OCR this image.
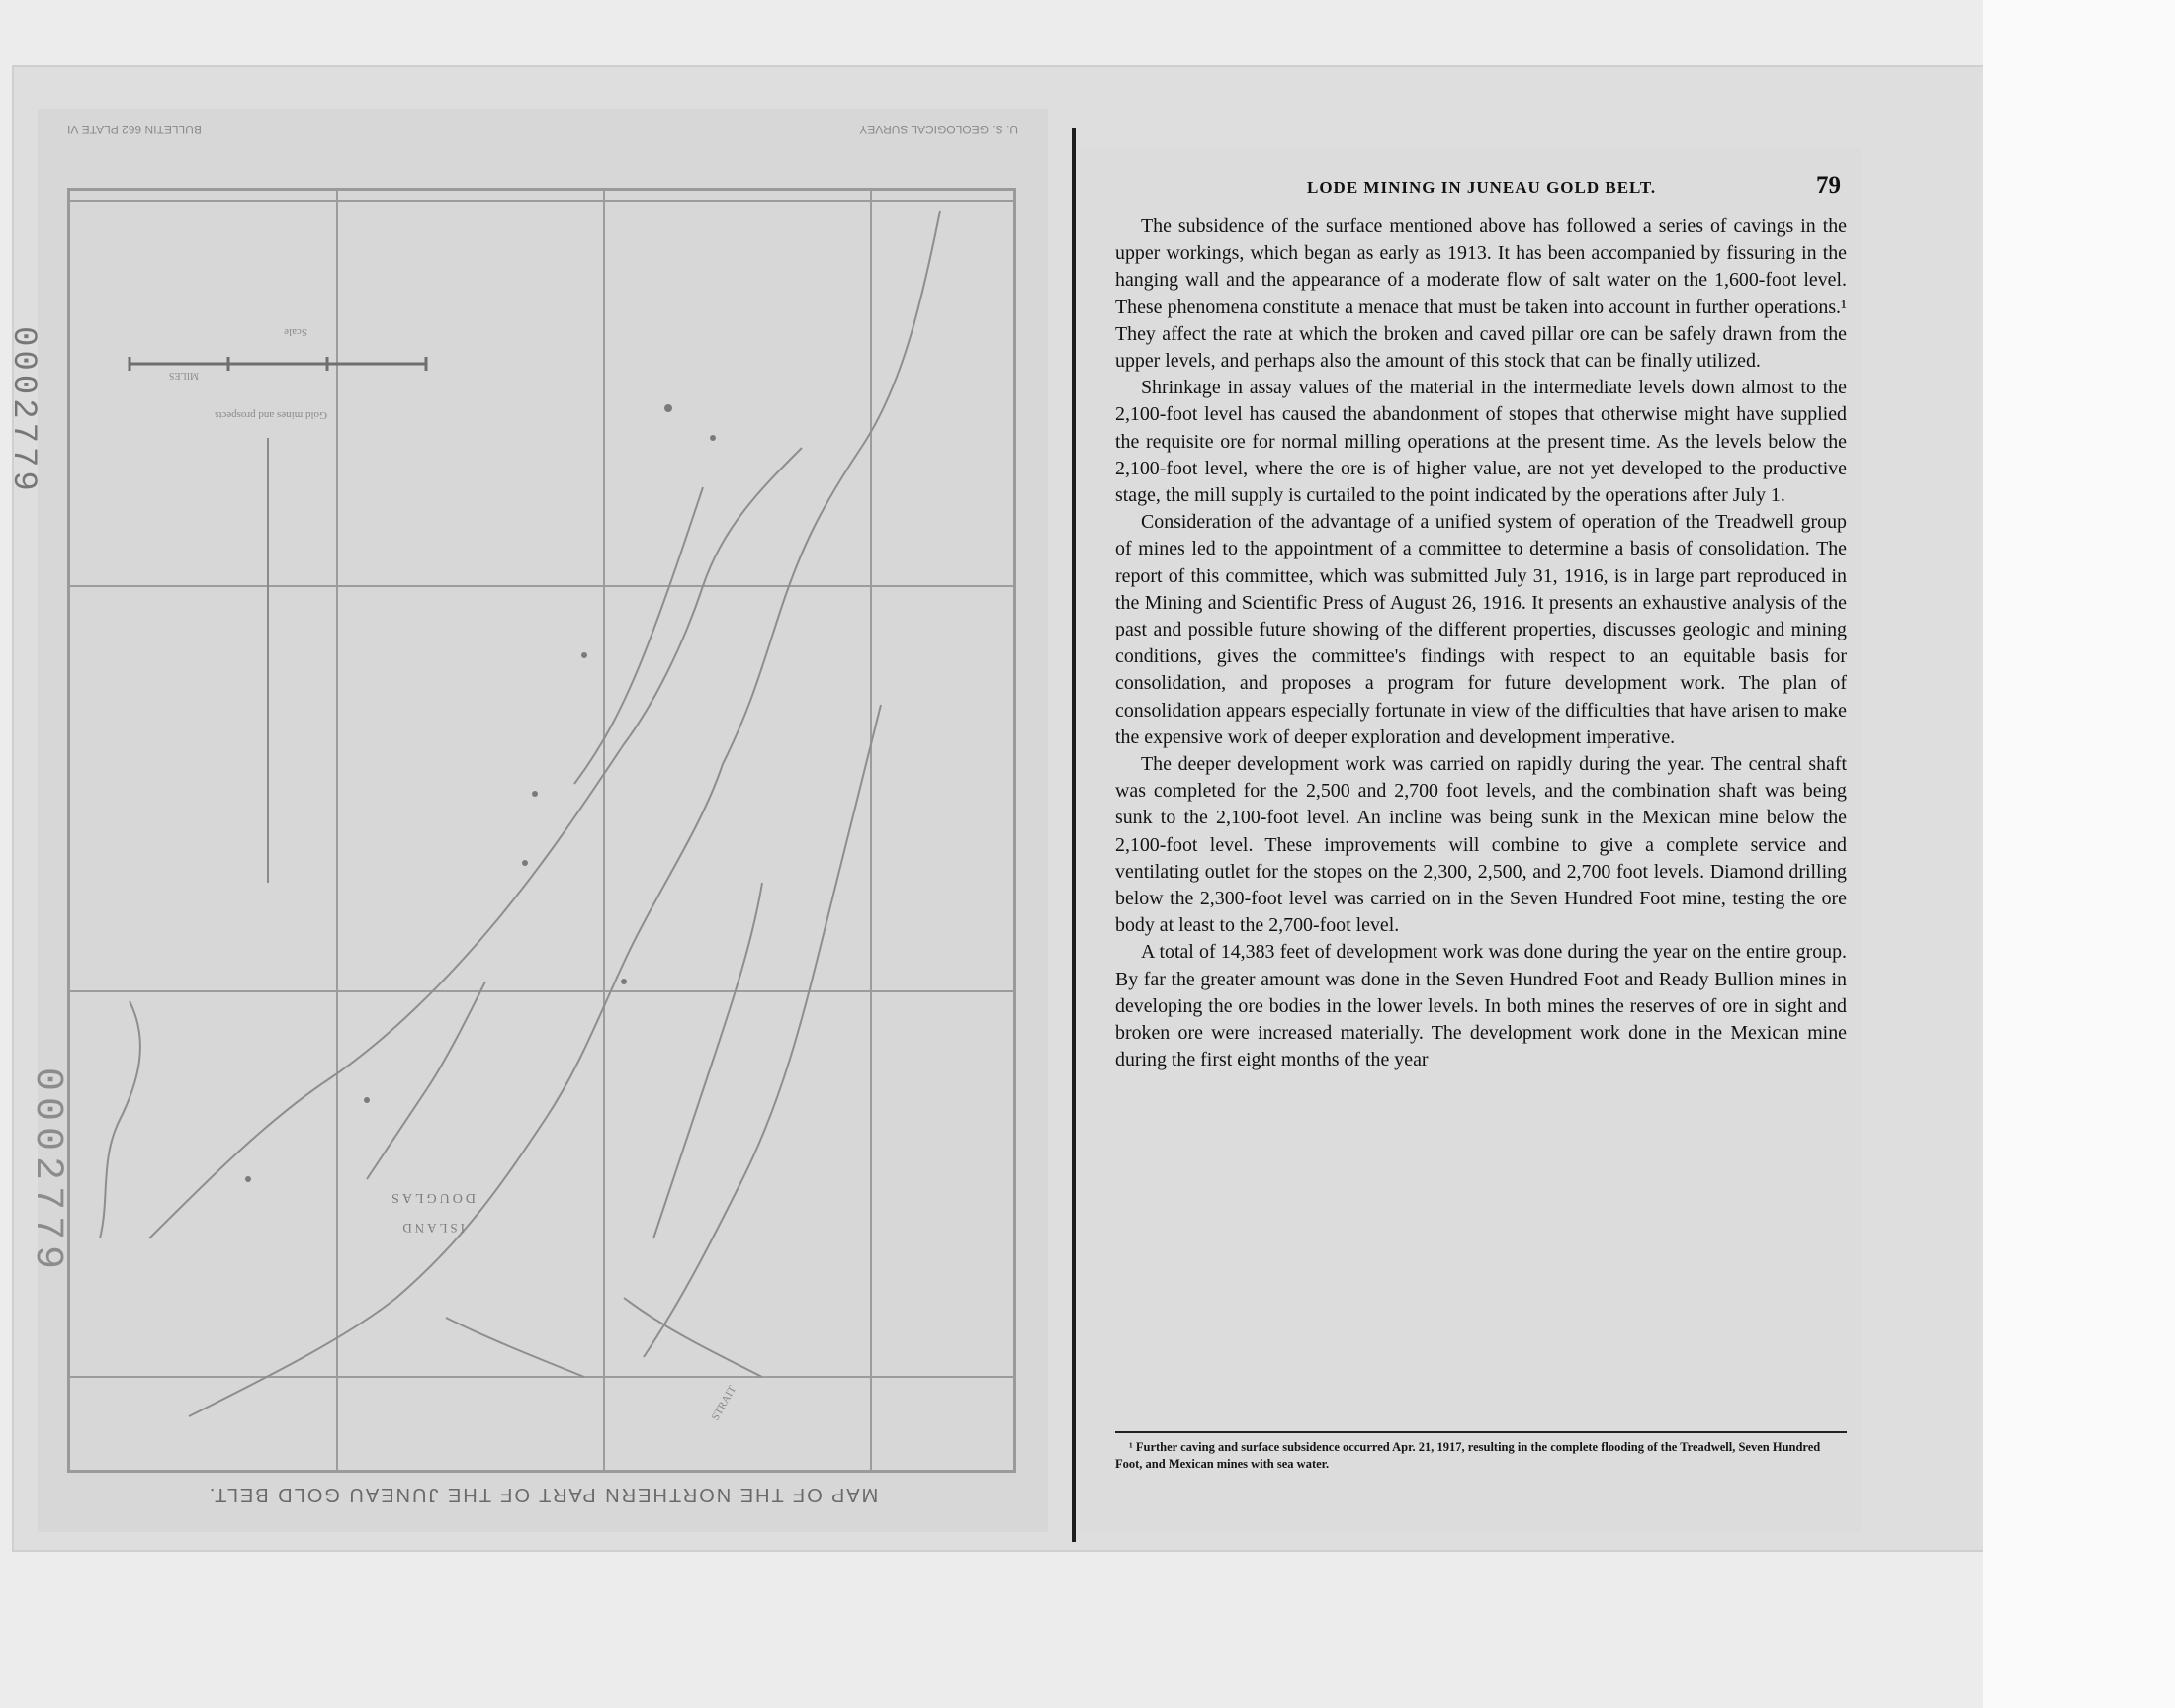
U. S. GEOLOGICAL SURVEY
BULLETIN 662 PLATE VI
Scale
MILES
Gold mines and prospects
DOUGLAS
ISLAND
STRAIT
MAP OF THE NORTHERN PART OF THE JUNEAU GOLD BELT.
0002779
0002779
LODE MINING IN JUNEAU GOLD BELT.	79

The subsidence of the surface mentioned above has followed a series of cavings in the upper workings, which began as early as 1913. It has been accompanied by fissuring in the hanging wall and the appearance of a moderate flow of salt water on the 1,600-foot level. These phenomena constitute a menace that must be taken into account in further operations.¹ They affect the rate at which the broken and caved pillar ore can be safely drawn from the upper levels, and perhaps also the amount of this stock that can be finally utilized.

Shrinkage in assay values of the material in the intermediate levels down almost to the 2,100-foot level has caused the abandonment of stopes that otherwise might have supplied the requisite ore for normal milling operations at the present time. As the levels below the 2,100-foot level, where the ore is of higher value, are not yet developed to the productive stage, the mill supply is curtailed to the point indicated by the operations after July 1.

Consideration of the advantage of a unified system of operation of the Treadwell group of mines led to the appointment of a committee to determine a basis of consolidation. The report of this committee, which was submitted July 31, 1916, is in large part reproduced in the Mining and Scientific Press of August 26, 1916. It presents an exhaustive analysis of the past and possible future showing of the different properties, discusses geologic and mining conditions, gives the committee's findings with respect to an equitable basis for consolidation, and proposes a program for future development work. The plan of consolidation appears especially fortunate in view of the difficulties that have arisen to make the expensive work of deeper exploration and development imperative.

The deeper development work was carried on rapidly during the year. The central shaft was completed for the 2,500 and 2,700 foot levels, and the combination shaft was being sunk to the 2,100-foot level. An incline was being sunk in the Mexican mine below the 2,100-foot level. These improvements will combine to give a complete service and ventilating outlet for the stopes on the 2,300, 2,500, and 2,700 foot levels. Diamond drilling below the 2,300-foot level was carried on in the Seven Hundred Foot mine, testing the ore body at least to the 2,700-foot level.

A total of 14,383 feet of development work was done during the year on the entire group. By far the greater amount was done in the Seven Hundred Foot and Ready Bullion mines in developing the ore bodies in the lower levels. In both mines the reserves of ore in sight and broken ore were increased materially. The development work done in the Mexican mine during the first eight months of the year

¹ Further caving and surface subsidence occurred Apr. 21, 1917, resulting in the complete flooding of the Treadwell, Seven Hundred Foot, and Mexican mines with sea water.
